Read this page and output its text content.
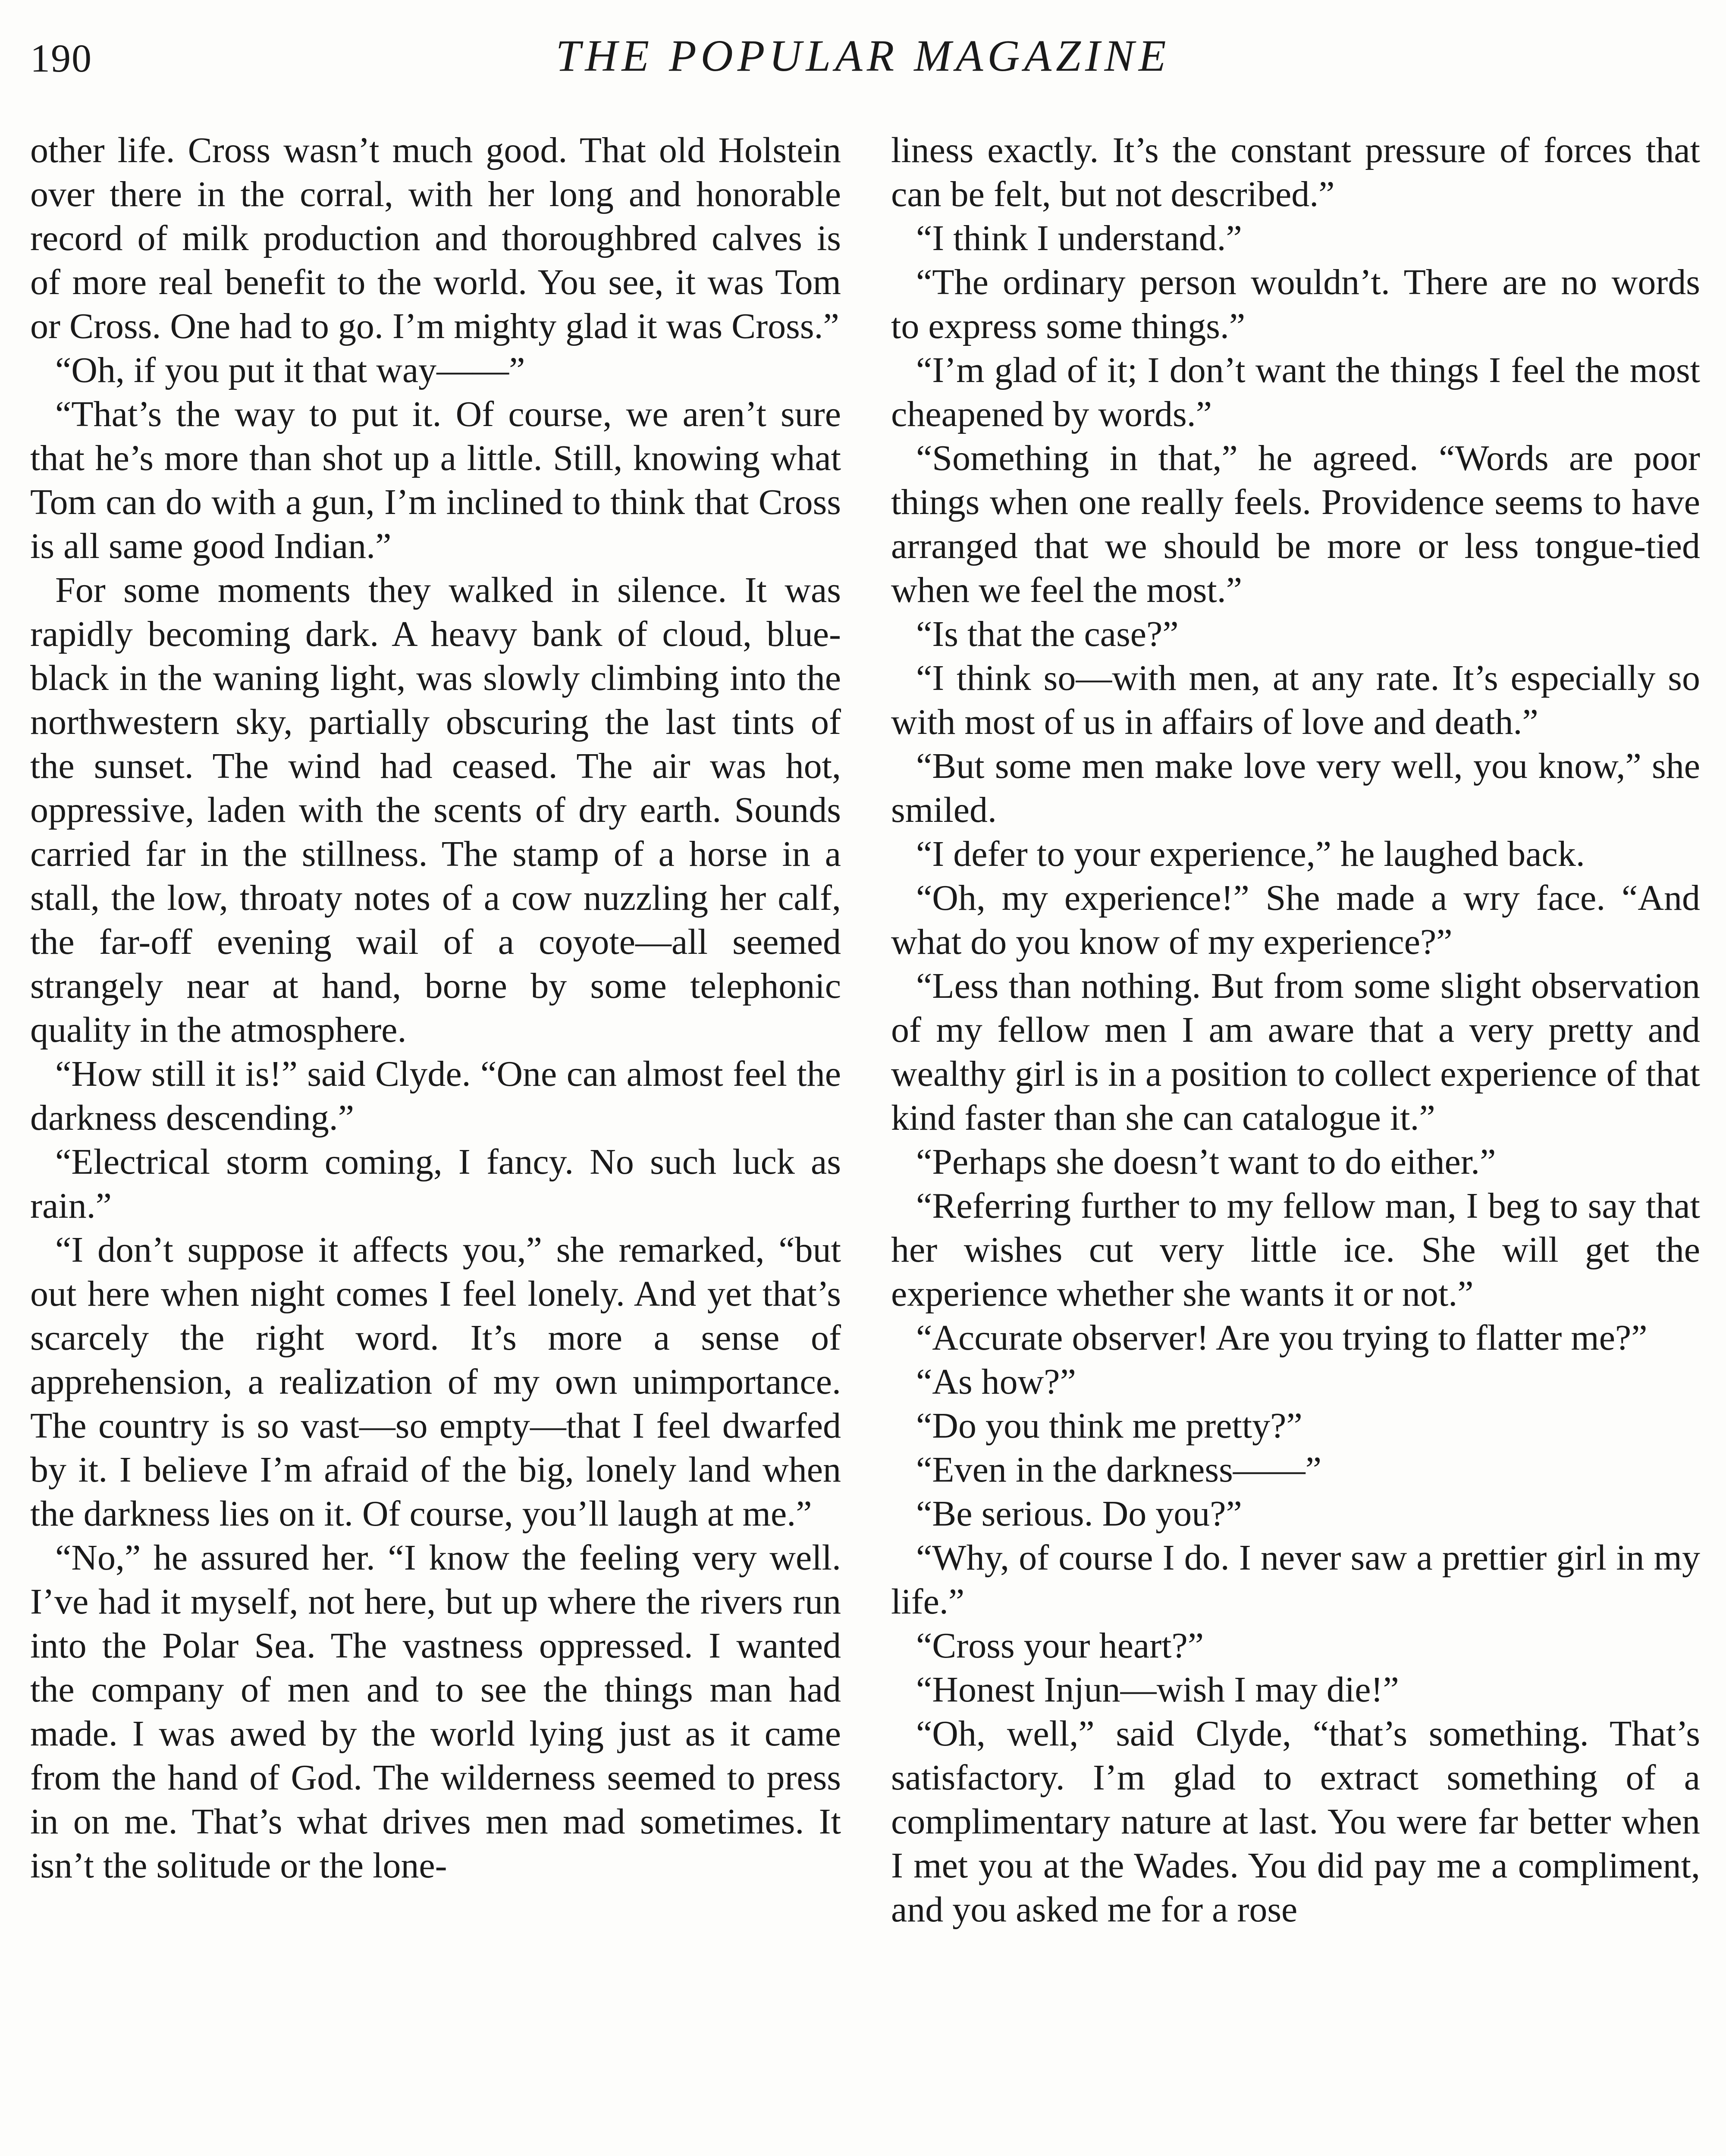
190	THE POPULAR MAGAZINE

other life. Cross wasn’t much good. That old Holstein over there in the corral, with her long and honorable record of milk production and thoroughbred calves is of more real benefit to the world. You see, it was Tom or Cross. One had to go. I’m mighty glad it was Cross.”

“Oh, if you put it that way——”

“That’s the way to put it. Of course, we aren’t sure that he’s more than shot up a little. Still, knowing what Tom can do with a gun, I’m inclined to think that Cross is all same good Indian.”

For some moments they walked in silence. It was rapidly becoming dark. A heavy bank of cloud, blue-black in the waning light, was slowly climbing into the northwestern sky, partially obscuring the last tints of the sunset. The wind had ceased. The air was hot, oppressive, laden with the scents of dry earth. Sounds carried far in the stillness. The stamp of a horse in a stall, the low, throaty notes of a cow nuzzling her calf, the far-off evening wail of a coyote—all seemed strangely near at hand, borne by some telephonic quality in the atmosphere.

“How still it is!” said Clyde. “One can almost feel the darkness descending.”

“Electrical storm coming, I fancy. No such luck as rain.”

“I don’t suppose it affects you,” she remarked, “but out here when night comes I feel lonely. And yet that’s scarcely the right word. It’s more a sense of apprehension, a realization of my own unimportance. The country is so vast—so empty—that I feel dwarfed by it. I believe I’m afraid of the big, lonely land when the darkness lies on it. Of course, you’ll laugh at me.”

“No,” he assured her. “I know the feeling very well. I’ve had it myself, not here, but up where the rivers run into the Polar Sea. The vastness oppressed. I wanted the company of men and to see the things man had made. I was awed by the world lying just as it came from the hand of God. The wilderness seemed to press in on me. That’s what drives men mad sometimes. It isn’t the solitude or the lone-

liness exactly. It’s the constant pressure of forces that can be felt, but not described.”

“I think I understand.”

“The ordinary person wouldn’t. There are no words to express some things.”

“I’m glad of it; I don’t want the things I feel the most cheapened by words.”

“Something in that,” he agreed. “Words are poor things when one really feels. Providence seems to have arranged that we should be more or less tongue-tied when we feel the most.”

“Is that the case?”

“I think so—with men, at any rate. It’s especially so with most of us in affairs of love and death.”

“But some men make love very well, you know,” she smiled.

“I defer to your experience,” he laughed back.

“Oh, my experience!” She made a wry face. “And what do you know of my experience?”

“Less than nothing. But from some slight observation of my fellow men I am aware that a very pretty and wealthy girl is in a position to collect experience of that kind faster than she can catalogue it.”

“Perhaps she doesn’t want to do either.”

“Referring further to my fellow man, I beg to say that her wishes cut very little ice. She will get the experience whether she wants it or not.”

“Accurate observer! Are you trying to flatter me?”

“As how?”

“Do you think me pretty?”

“Even in the darkness——”

“Be serious. Do you?”

“Why, of course I do. I never saw a prettier girl in my life.”

“Cross your heart?”

“Honest Injun—wish I may die!”

“Oh, well,” said Clyde, “that’s something. That’s satisfactory. I’m glad to extract something of a complimentary nature at last. You were far better when I met you at the Wades. You did pay me a compliment, and you asked me for a rose
